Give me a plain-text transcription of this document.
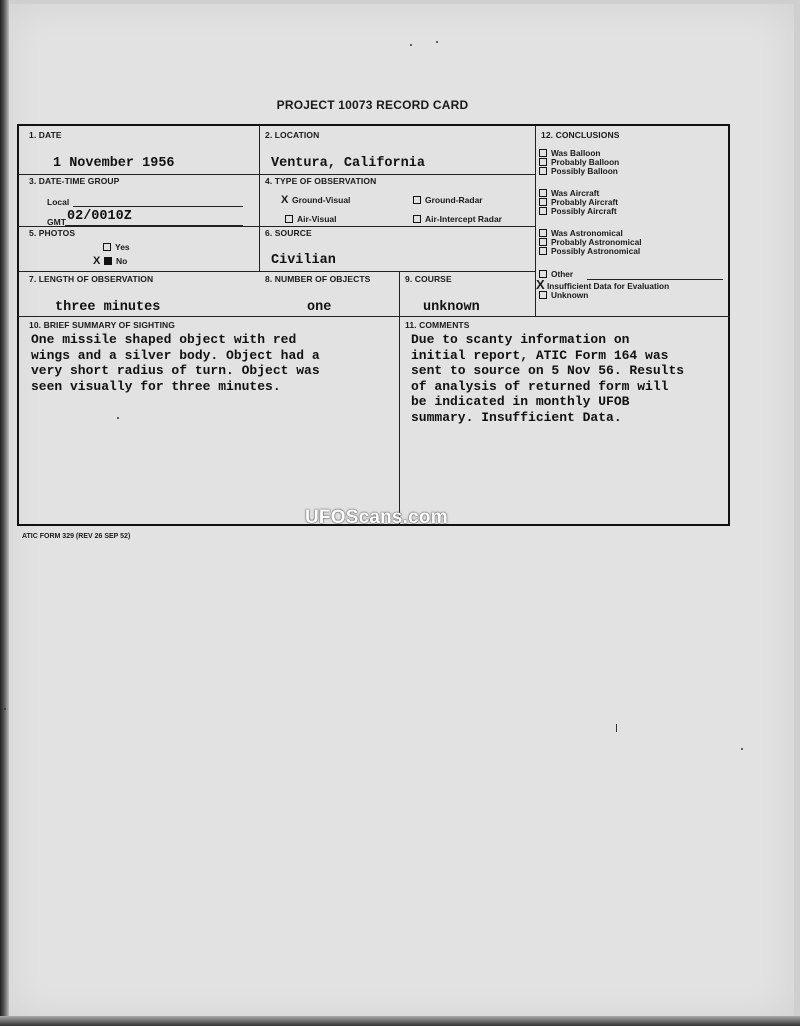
PROJECT 10073 RECORD CARD
1. DATE
1 November 1956
2. LOCATION
Ventura, California
3. DATE-TIME GROUP
Local
GMT 02/0010Z
4. TYPE OF OBSERVATION
X Ground-Visual	Ground-Radar
Air-Visual	Air-Intercept Radar
5. PHOTOS
Yes
X No
6. SOURCE
Civilian
7. LENGTH OF OBSERVATION
three minutes
8. NUMBER OF OBJECTS
one
9. COURSE
unknown
10. BRIEF SUMMARY OF SIGHTING
One missile shaped object with red
wings and a silver body. Object had a
very short radius of turn. Object was
seen visually for three minutes.
11. COMMENTS
Due to scanty information on
initial report, ATIC Form 164 was
sent to source on 5 Nov 56. Results
of analysis of returned form will
be indicated in monthly UFOB
summary. Insufficient Data.
12. CONCLUSIONS
Was Balloon
Probably Balloon
Possibly Balloon
Was Aircraft
Probably Aircraft
Possibly Aircraft
Was Astronomical
Probably Astronomical
Possibly Astronomical
Other
X Insufficient Data for Evaluation
Unknown
ATIC FORM 329 (REV 26 SEP 52)
UFOScans.com
